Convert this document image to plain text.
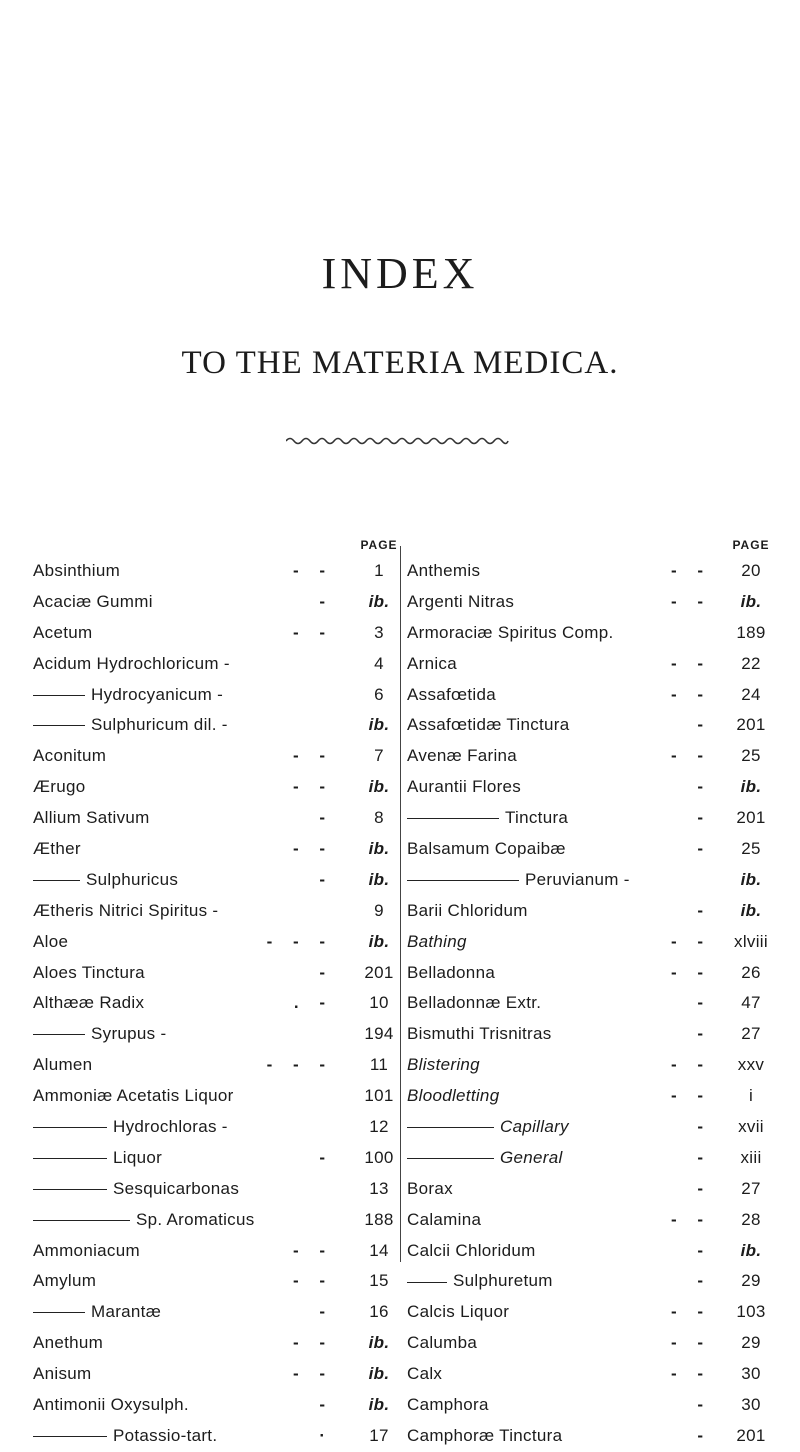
INDEX
TO THE MATERIA MEDICA.
PAGE
Absinthium	- -	1
Acaciæ Gummi	-	ib.
Acetum	- -	3
Acidum Hydrochloricum -	4
Hydrocyanicum -	6
Sulphuricum dil. -	ib.
Aconitum	- -	7
Ærugo	- -	ib.
Allium Sativum	-	8
Æther	- -	ib.
Sulphuricus	-	ib.
Ætheris Nitrici Spiritus -	9
Aloe	- - -	ib.
Aloes Tinctura	-	201
Althææ Radix	. -	10
Syrupus -	194
Alumen	- - -	11
Ammoniæ Acetatis Liquor	101
Hydrochloras -	12
Liquor	-	100
Sesquicarbonas	13
Sp. Aromaticus	188
Ammoniacum	- -	14
Amylum	- -	15
Marantæ	-	16
Anethum	- -	ib.
Anisum	- -	ib.
Antimonii Oxysulph.	-	ib.
Potassio-tart.	·	17
PAGE
Anthemis	- -	20
Argenti Nitras	- -	ib.
Armoraciæ Spiritus Comp.	189
Arnica	- -	22
Assafœtida	- -	24
Assafœtidæ Tinctura	-	201
Avenæ Farina	- -	25
Aurantii Flores	-	ib.
Tinctura	-	201
Balsamum Copaibæ	-	25
Peruvianum -	ib.
Barii Chloridum	-	ib.
Bathing	- -	xlviii
Belladonna	- -	26
Belladonnæ Extr.	-	47
Bismuthi Trisnitras	-	27
Blistering	- -	xxv
Bloodletting	- -	i
Capillary	-	xvii
General	-	xiii
Borax	-	27
Calamina	- -	28
Calcii Chloridum	-	ib.
Sulphuretum	-	29
Calcis Liquor	- -	103
Calumba	- -	29
Calx	- -	30
Camphora	-	30
Camphoræ Tinctura	-	201
